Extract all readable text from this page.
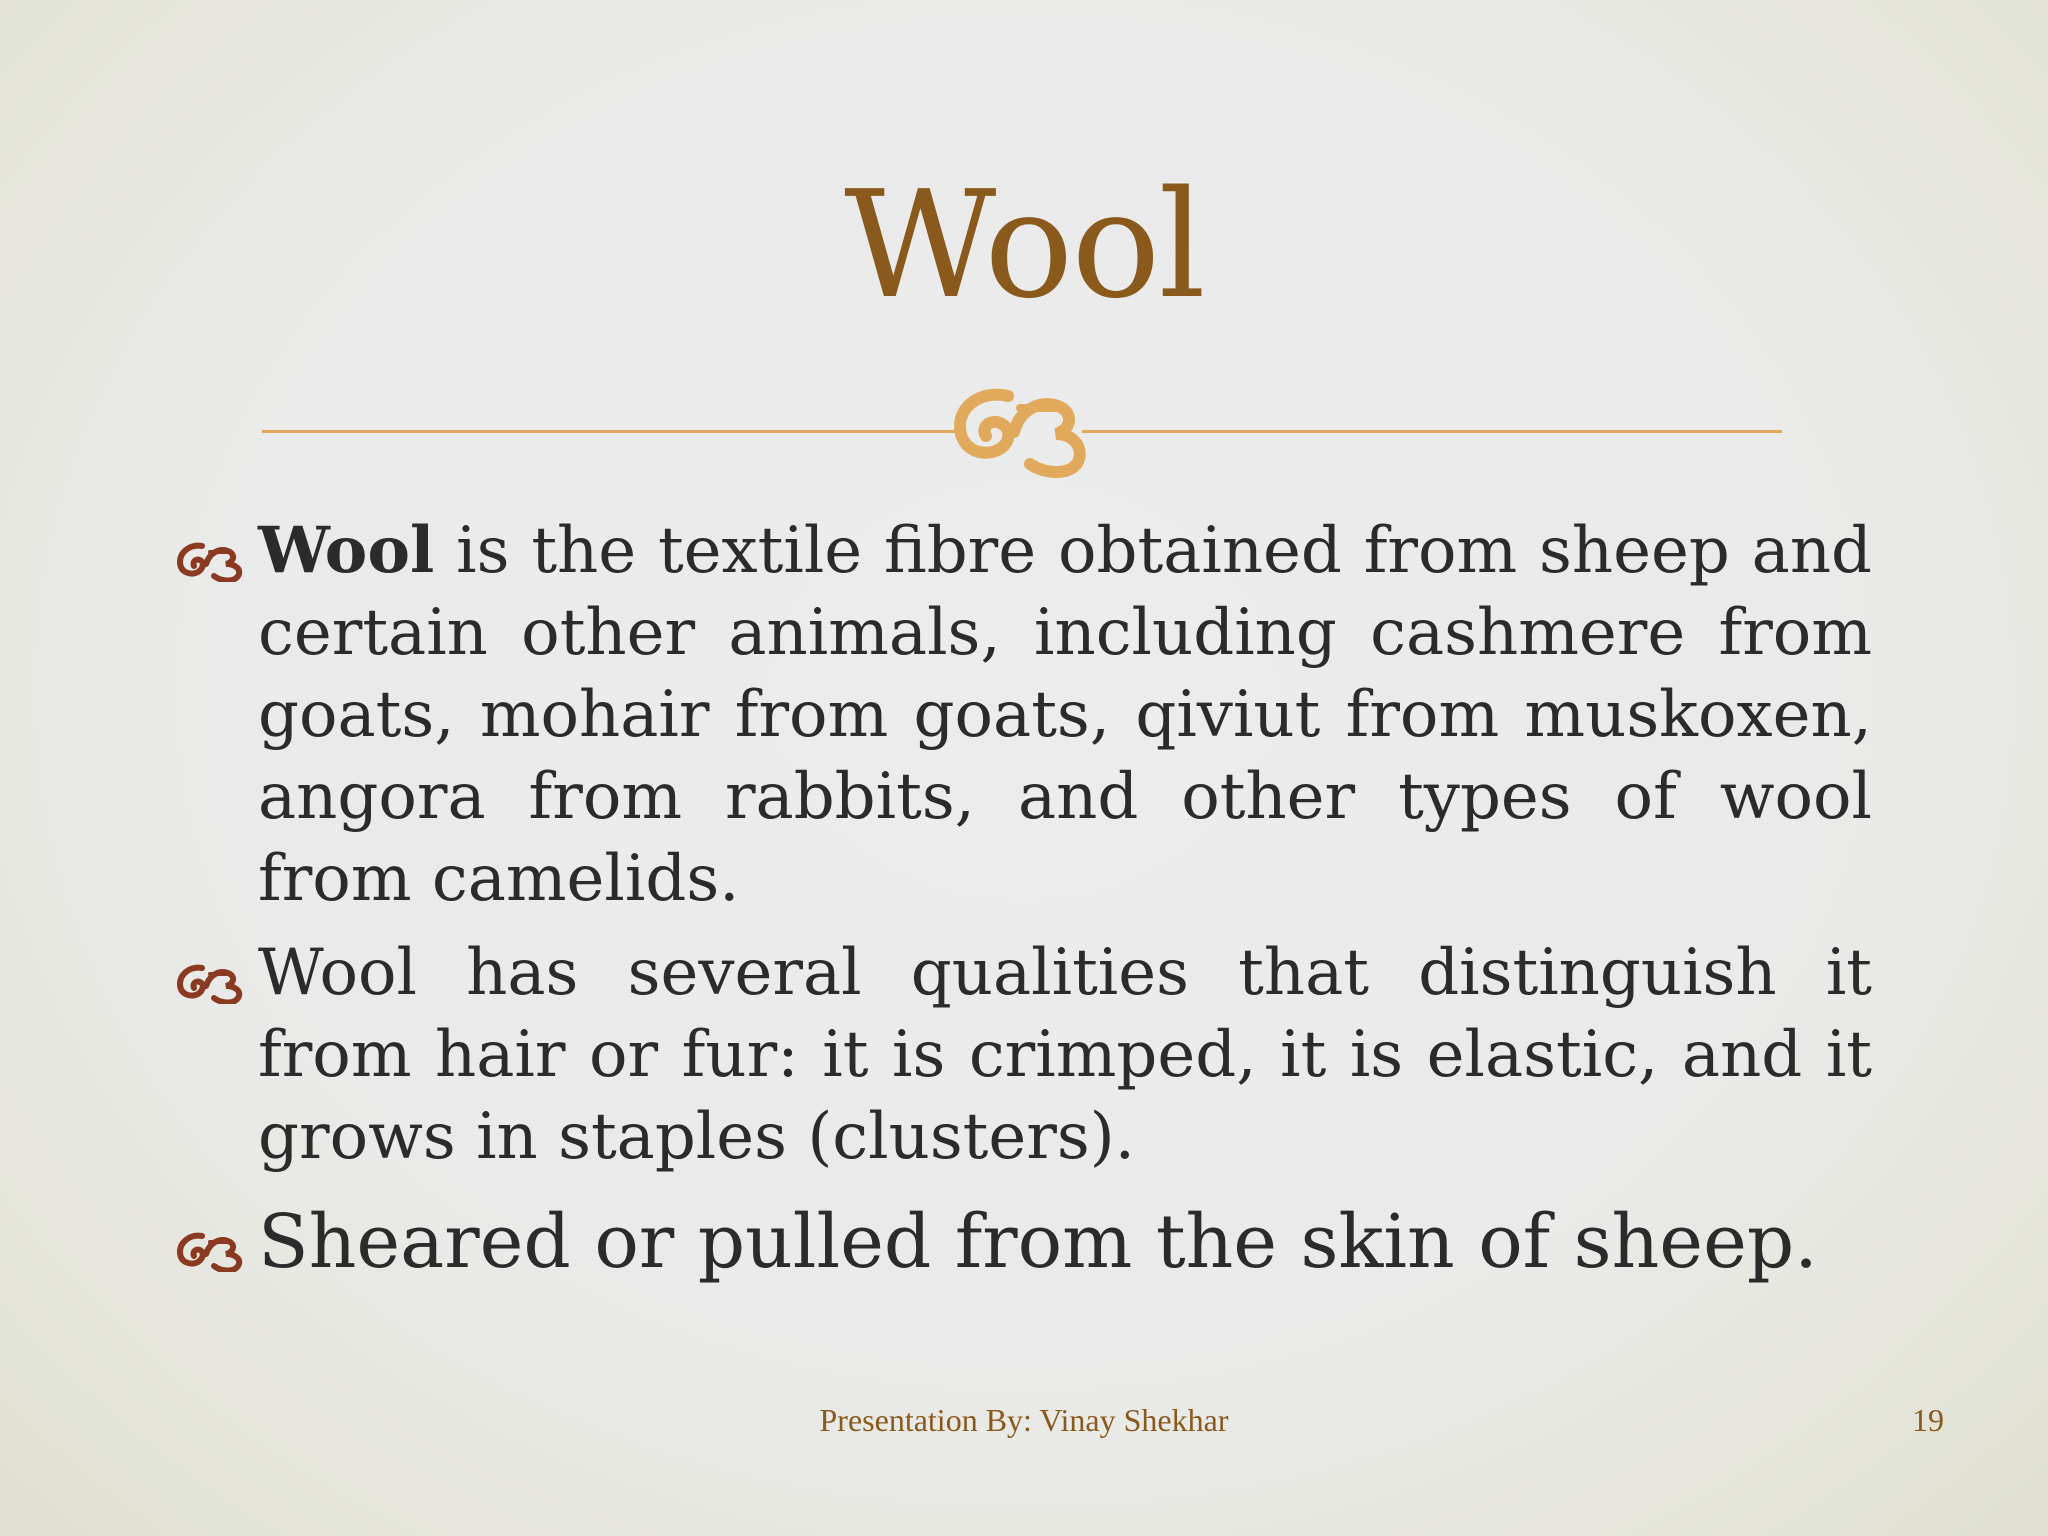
Wool
Wool is the textile fibre obtained from sheep and certain other animals, including cashmere from goats, mohair from goats, qiviut from muskoxen, angora from rabbits, and other types of wool from camelids.
Wool has several qualities that distinguish it from hair or fur: it is crimped, it is elastic, and it grows in staples (clusters).
Sheared or pulled from the skin of sheep.
Presentation By: Vinay Shekhar	19
